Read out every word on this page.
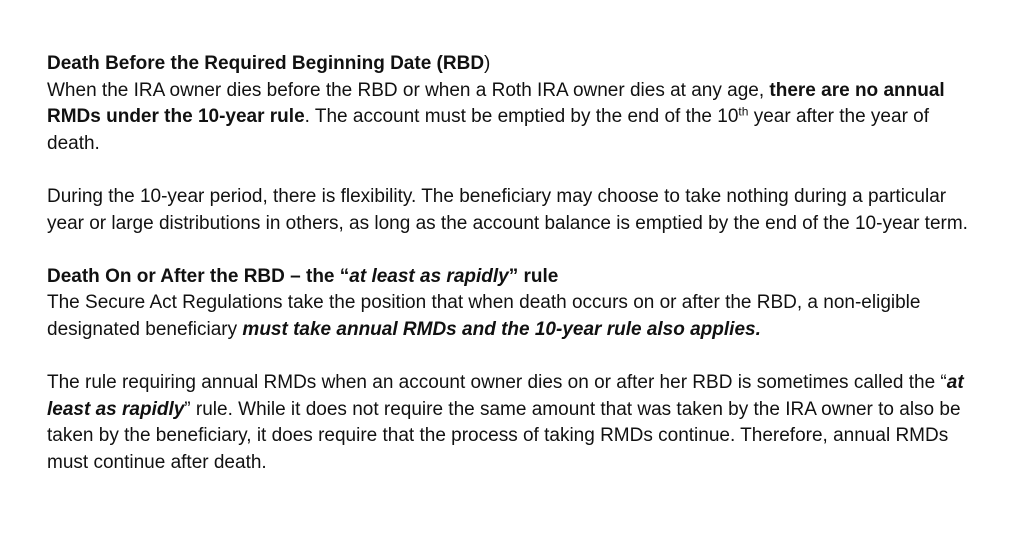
Death Before the Required Beginning Date (RBD)

When the IRA owner dies before the RBD or when a Roth IRA owner dies at any age, there are no annual RMDs under the 10-year rule. The account must be emptied by the end of the 10th year after the year of death.

During the 10-year period, there is flexibility. The beneficiary may choose to take nothing during a particular year or large distributions in others, as long as the account balance is emptied by the end of the 10-year term.

Death On or After the RBD – the “at least as rapidly” rule

The Secure Act Regulations take the position that when death occurs on or after the RBD, a non-eligible designated beneficiary must take annual RMDs and the 10-year rule also applies.

The rule requiring annual RMDs when an account owner dies on or after her RBD is sometimes called the “at least as rapidly” rule. While it does not require the same amount that was taken by the IRA owner to also be taken by the beneficiary, it does require that the process of taking RMDs continue. Therefore, annual RMDs must continue after death.
